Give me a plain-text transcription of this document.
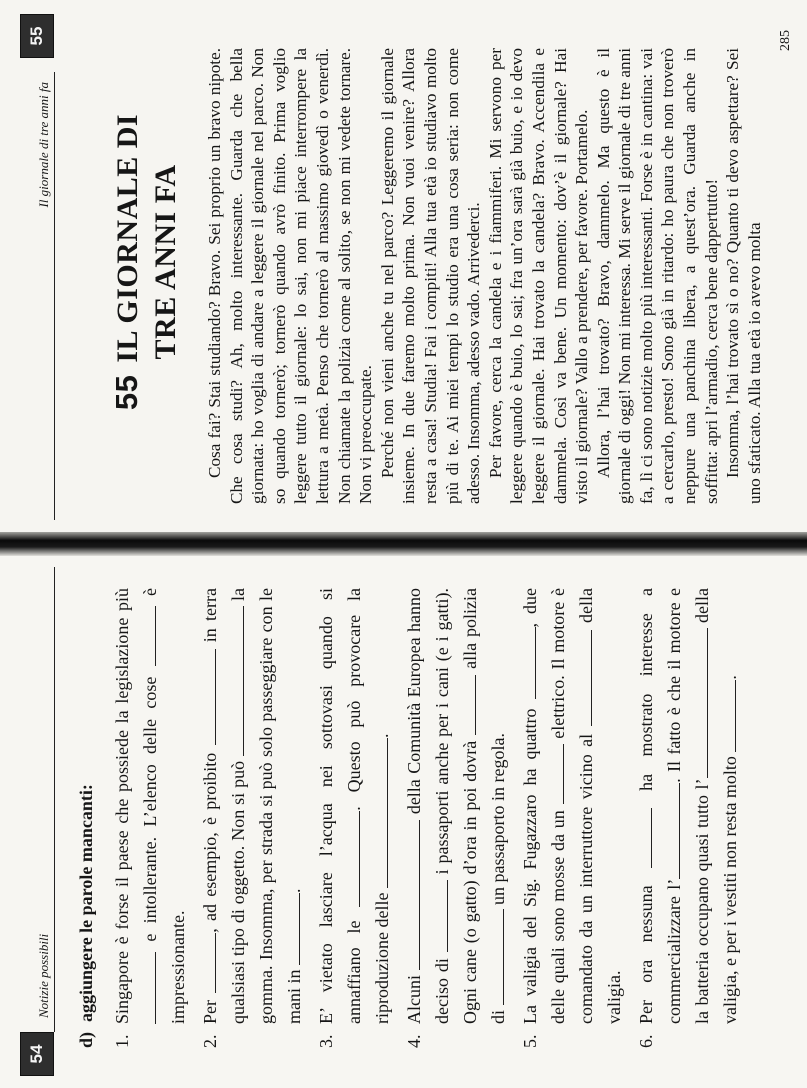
Notizie possibili
54
d)aggiungere le parole mancanti:
1.
Singapore è forse il paese che possiede la legislazione più  e intollerante. L’elenco delle cose  è impressionante.
2.
Per , ad esempio, è proibito  in terra qualsiasi tipo di oggetto. Non si può  la gomma. Insomma, per strada si può solo passeggiare con le mani in .
3.
E’ vietato lasciare l’acqua nei sottovasi quando si annaffiano le . Questo può provocare la riproduzione delle .
4.
Alcuni  della Comunità Europea hanno deciso di  i passaporti anche per i cani (e i gatti). Ogni cane (o gatto) d’ora in poi dovrà  alla polizia di  un passaporto in regola.
5.
La valigia del Sig. Fugazzaro ha quattro , due delle quali sono mosse da un  elettrico. Il motore è comandato da un interruttore vicino al  della valigia.
6.
Per ora nessuna  ha mostrato interesse a commercializzare l’. Il fatto è che il motore e la batteria occupano quasi tutto l’ della valigia, e per i vestiti non resta molto .
Il giornale di tre anni fa
55
55IL GIORNALE DI TRE ANNI FA Cosa fai? Stai studiando? Bravo. Sei proprio un bravo nipote. Che cosa studi? Ah, molto interessante. Guarda che bella giornata: ho voglia di andare a leggere il giornale nel parco. Non so quando tornerò; tornerò quando avrò finito. Prima voglio leggere tutto il giornale: lo sai, non mi piace interrompere la lettura a metà. Penso che tornerò al massimo giovedì o venerdì. Non chiamate la polizia come al solito, se non mi vedete tornare. Non vi preoccupate. Perché non vieni anche tu nel parco? Leggeremo il giornale insieme. In due faremo molto prima. Non vuoi venire? Allora resta a casa! Studia! Fai i compiti! Alla tua età io studiavo molto più di te. Ai miei tempi lo studio era una cosa seria: non come adesso. Insomma, adesso vado. Arrivederci. Per favore, cerca la candela e i fiammiferi. Mi servono per leggere quando è buio, lo sai; fra un’ora sarà già buio, e io devo leggere il giornale. Hai trovato la candela? Bravo. Accendila e dammela. Così va bene. Un momento: dov’è il giornale? Hai visto il giornale? Vallo a prendere, per favore. Portamelo. Allora, l’hai trovato? Bravo, dammelo. Ma questo è il giornale di oggi! Non mi interessa. Mi serve il giornale di tre anni fa, lì ci sono notizie molto più interessanti. Forse è in cantina: vai a cercarlo, presto! Sono già in ritardo: ho paura che non troverò neppure una panchina libera, a quest’ora. Guarda anche in soffitta: apri l’armadio, cerca bene dappertutto! Insomma, l’hai trovato sì o no? Quanto ti devo aspettare? Sei uno sfaticato. Alla tua età io avevo molta

285
